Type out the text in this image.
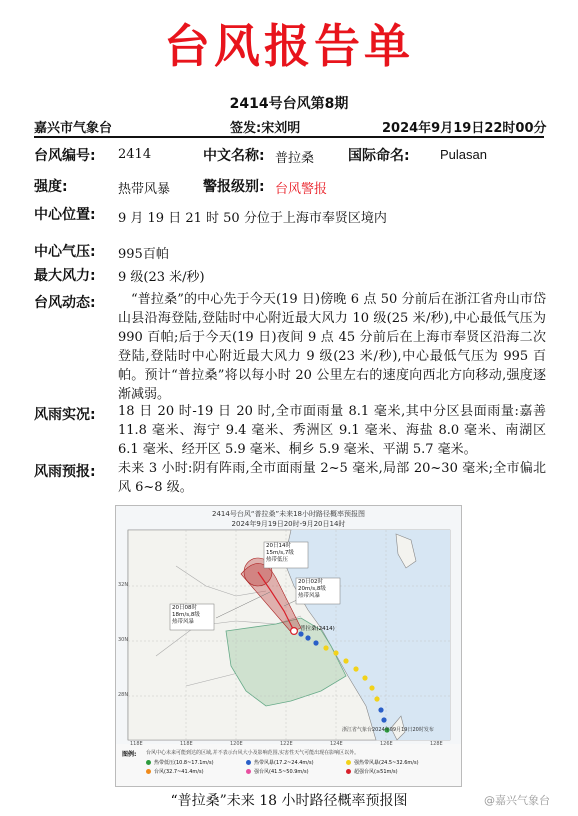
台风报告单
2414号台风第8期
嘉兴市气象台	签发:宋刘明	2024年9月19日22时00分
台风编号: 2414	中文名称: 普拉桑 国际命名: Pulasan
强度:	热带风暴 警报级别: 台风警报
中心位置: 9 月 19 日 21 时 50 分位于上海市奉贤区境内
中心气压: 995百帕
最大风力: 9 级(23 米/秒)
台风动态:	“普拉桑”的中心先于今天(19 日)傍晚 6 点 50 分前后在浙江省舟山市岱山县沿海登陆,登陆时中心附近最大风力 10 级(25 米/秒),中心最低气压为 990 百帕;后于今天(19 日)夜间 9 点 45 分前后在上海市奉贤区沿海二次登陆,登陆时中心附近最大风力 9 级(23 米/秒),中心最低气压为 995 百帕。预计“普拉桑”将以每小时 20 公里左右的速度向西北方向移动,强度逐渐减弱。
风雨实况: 18 日 20 时-19 日 20 时,全市面雨量 8.1 毫米,其中分区县面雨量:嘉善 11.8 毫米、海宁 9.4 毫米、秀洲区 9.1 毫米、海盐 8.0 毫米、南湖区 6.1 毫米、经开区 5.9 毫米、桐乡 5.9 毫米、平湖 5.7 毫米。
风雨预报: 未来 3 小时:阴有阵雨,全市面雨量 2~5 毫米,局部 20~30 毫米;全市偏北风 6~8 级。
2414号台风“普拉桑”未来18小时路径概率预报图
2024年9月19日20时-9月20日14时
20日14时
15m/s,7级
热带低压
20日02时
20m/s,8级
热带风暴
20日08时
18m/s,8级
热带风暴
普拉桑(2414)
浙江省气象台2024年09月19日20时发布
32N
30N
28N
118E	118E	120E	122E	124E	126E	128E
图例: 台风中心未来可能到达的区域,并不表示台风大小及影响范围,实害性天气可能出现在影响区以外。
热带低压(10.8~17.1m/s)	热带风暴(17.2~24.4m/s)	强热带风暴(24.5~32.6m/s)
台风(32.7~41.4m/s)	强台风(41.5~50.9m/s)	超强台风(≥51m/s)
“普拉桑”未来 18 小时路径概率预报图	@嘉兴气象台
